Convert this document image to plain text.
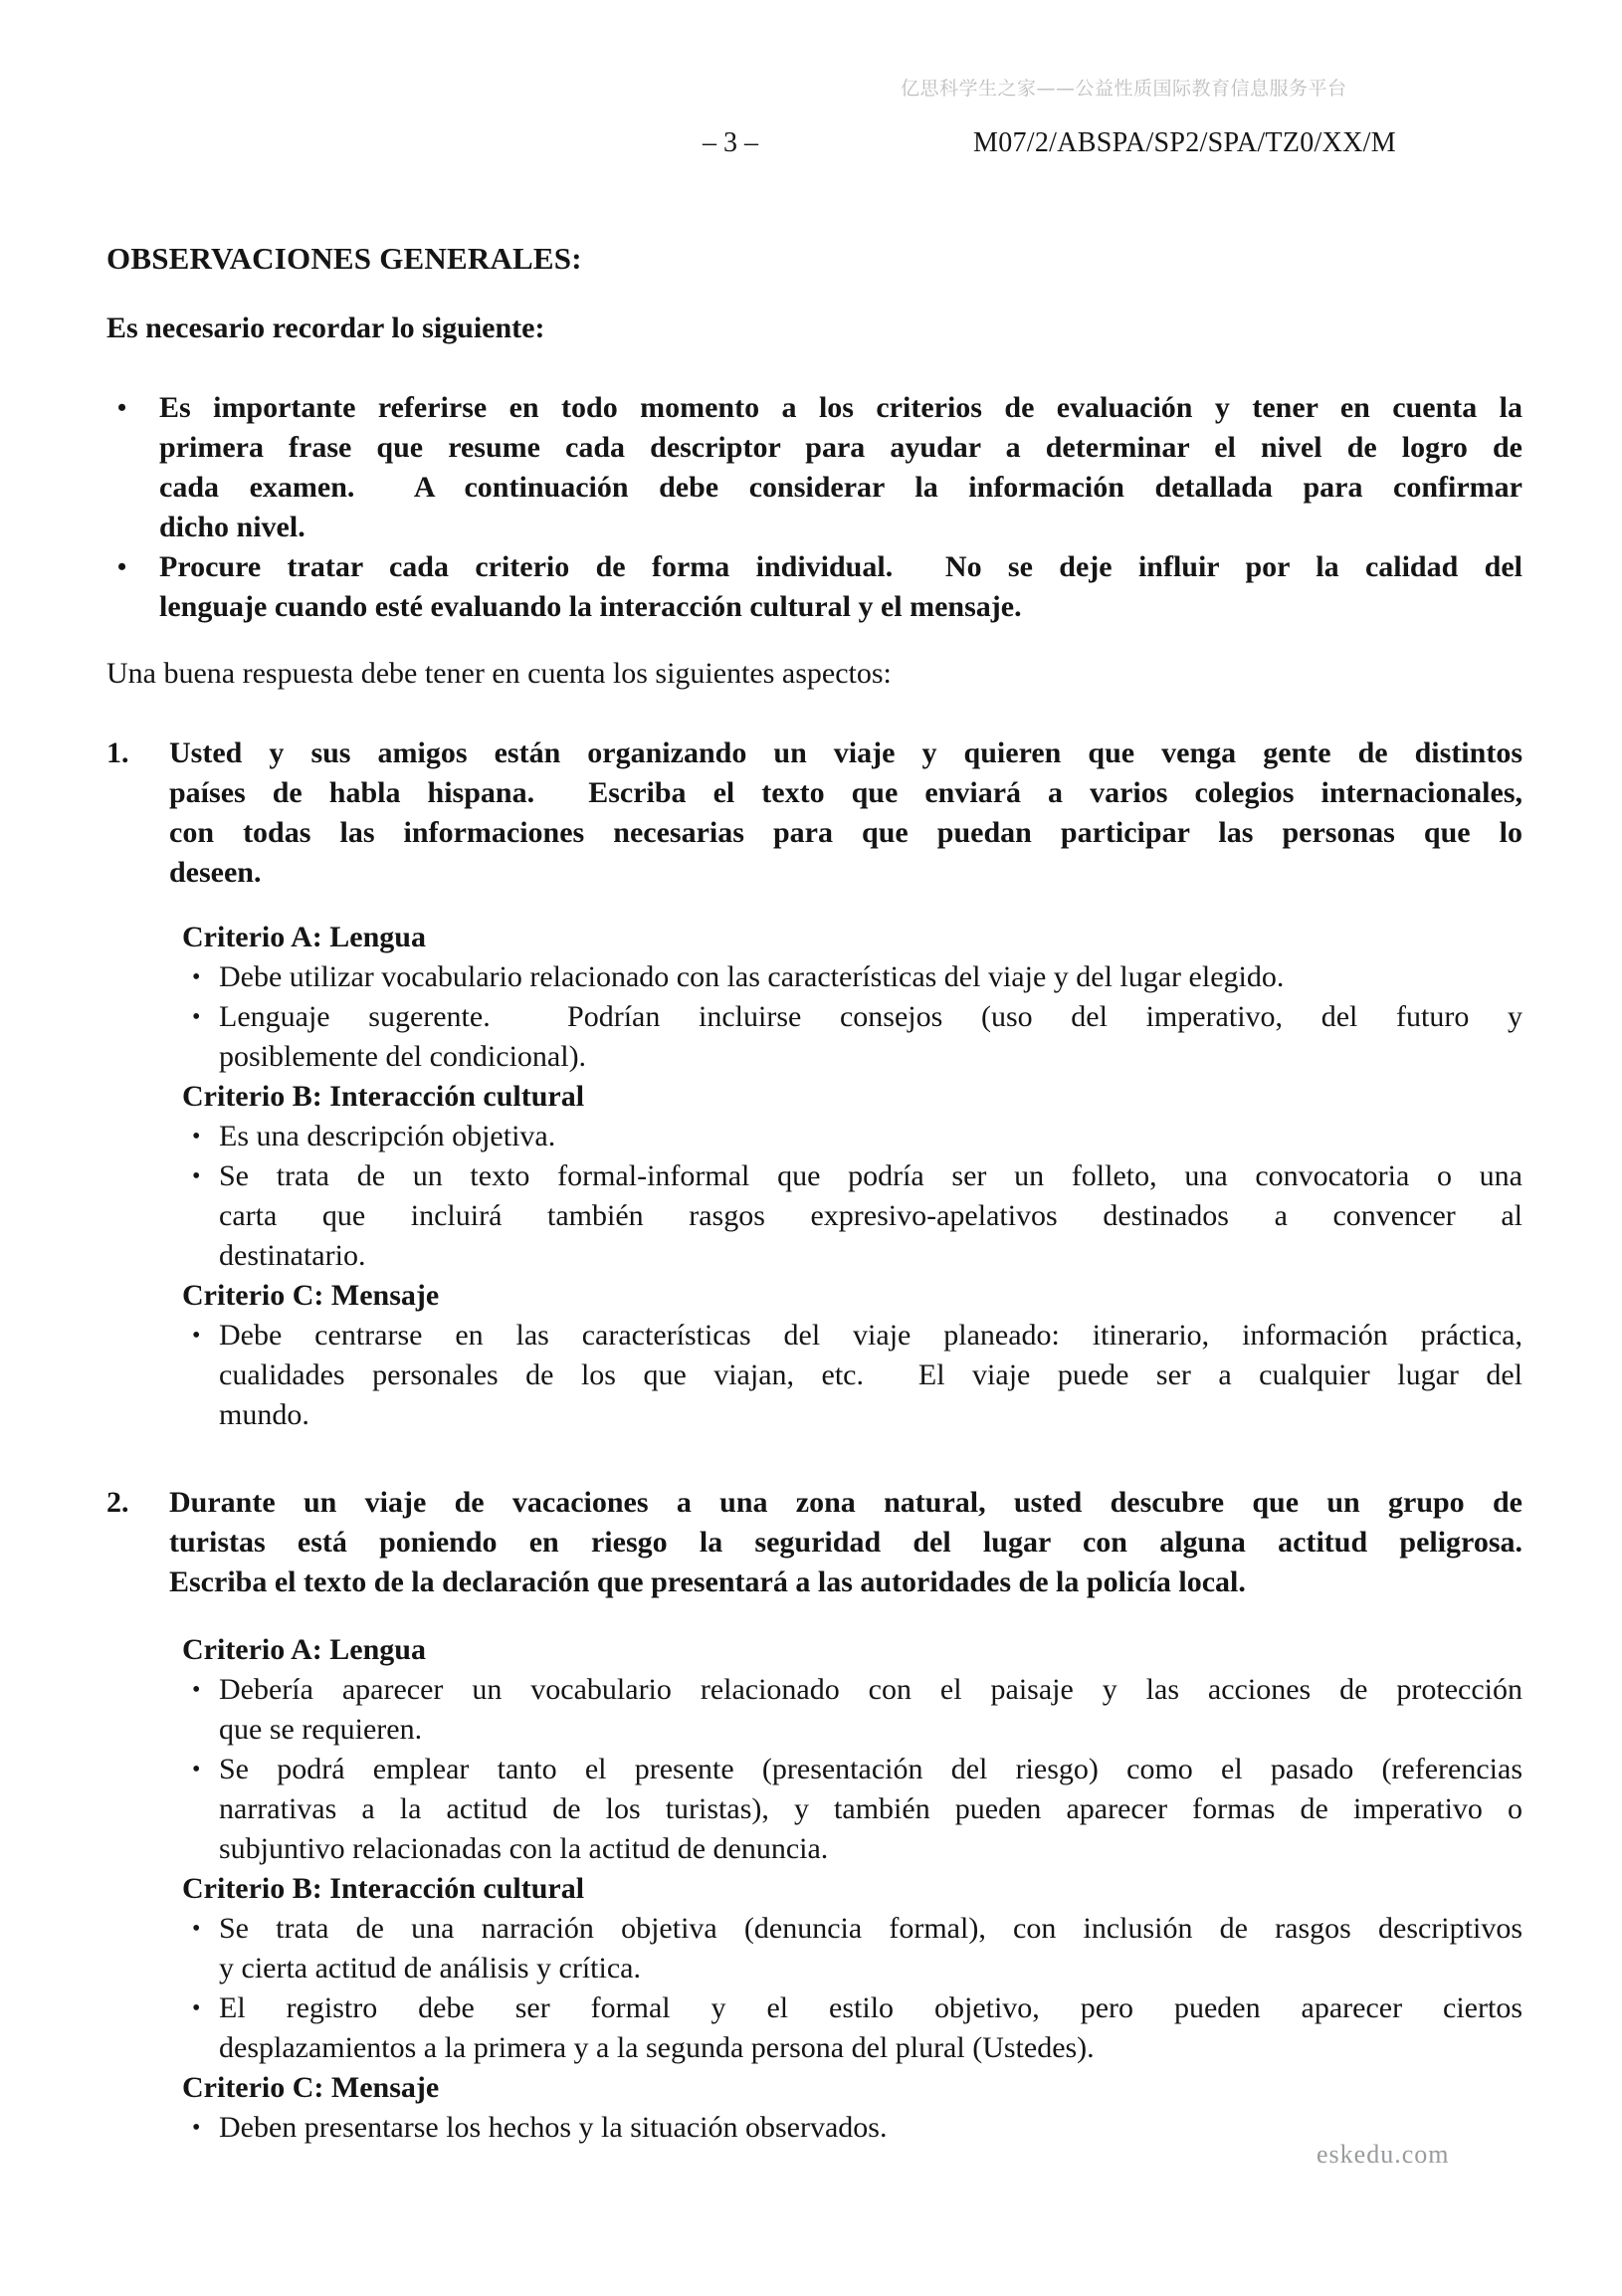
亿思科学生之家——公益性质国际教育信息服务平台
– 3 –	M07/2/ABSPA/SP2/SPA/TZ0/XX/M
OBSERVACIONES GENERALES:
Es necesario recordar lo siguiente:
• Es importante referirse en todo momento a los criterios de evaluación y tener en cuenta la
primera frase que resume cada descriptor para ayudar a determinar el nivel de logro de
cada examen.  A continuación debe considerar la información detallada para confirmar
dicho nivel.
• Procure tratar cada criterio de forma individual.  No se deje influir por la calidad del
lenguaje cuando esté evaluando la interacción cultural y el mensaje.

Una buena respuesta debe tener en cuenta los siguientes aspectos:

1. Usted y sus amigos están organizando un viaje y quieren que venga gente de distintos
países de habla hispana.  Escriba el texto que enviará a varios colegios internacionales,
con todas las informaciones necesarias para que puedan participar las personas que lo
deseen.
Criterio A: Lengua
• Debe utilizar vocabulario relacionado con las características del viaje y del lugar elegido.
• Lenguaje sugerente.  Podrían incluirse consejos (uso del imperativo, del futuro y
posiblemente del condicional).
Criterio B: Interacción cultural
• Es una descripción objetiva.
• Se trata de un texto formal-informal que podría ser un folleto, una convocatoria o una
carta que incluirá también rasgos expresivo-apelativos destinados a convencer al
destinatario.
Criterio C: Mensaje
• Debe centrarse en las características del viaje planeado: itinerario, información práctica,
cualidades personales de los que viajan, etc.  El viaje puede ser a cualquier lugar del
mundo.
2. Durante un viaje de vacaciones a una zona natural, usted descubre que un grupo de
turistas está poniendo en riesgo la seguridad del lugar con alguna actitud peligrosa.
Escriba el texto de la declaración que presentará a las autoridades de la policía local.
Criterio A: Lengua
• Debería aparecer un vocabulario relacionado con el paisaje y las acciones de protección
que se requieren.
• Se podrá emplear tanto el presente (presentación del riesgo) como el pasado (referencias
narrativas a la actitud de los turistas), y también pueden aparecer formas de imperativo o
subjuntivo relacionadas con la actitud de denuncia.
Criterio B: Interacción cultural
• Se trata de una narración objetiva (denuncia formal), con inclusión de rasgos descriptivos
y cierta actitud de análisis y crítica.
• El registro debe ser formal y el estilo objetivo, pero pueden aparecer ciertos
desplazamientos a la primera y a la segunda persona del plural (Ustedes).
Criterio C: Mensaje
• Deben presentarse los hechos y la situación observados.
eskedu.com
